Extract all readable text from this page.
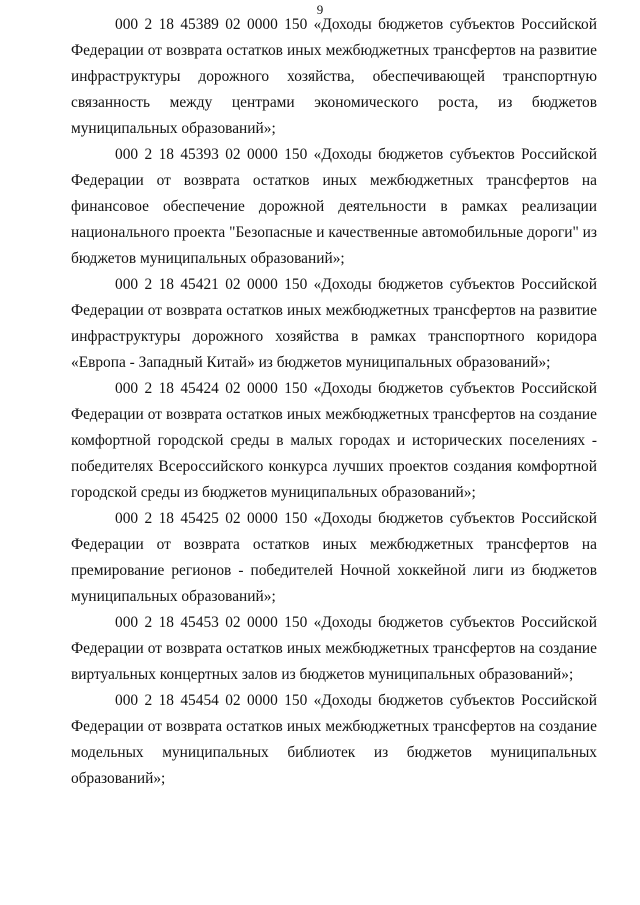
9

000 2 18 45389 02 0000 150 «Доходы бюджетов субъектов Российской Федерации от возврата остатков иных межбюджетных трансфертов на развитие инфраструктуры дорожного хозяйства, обеспечивающей транспортную связанность между центрами экономического роста, из бюджетов муниципальных образований»;

000 2 18 45393 02 0000 150 «Доходы бюджетов субъектов Российской Федерации от возврата остатков иных межбюджетных трансфертов на финансовое обеспечение дорожной деятельности в рамках реализации национального проекта "Безопасные и качественные автомобильные дороги" из бюджетов муниципальных образований»;

000 2 18 45421 02 0000 150 «Доходы бюджетов субъектов Российской Федерации от возврата остатков иных межбюджетных трансфертов на развитие инфраструктуры дорожного хозяйства в рамках транспортного коридора «Европа - Западный Китай» из бюджетов муниципальных образований»;

000 2 18 45424 02 0000 150 «Доходы бюджетов субъектов Российской Федерации от возврата остатков иных межбюджетных трансфертов на создание комфортной городской среды в малых городах и исторических поселениях - победителях Всероссийского конкурса лучших проектов создания комфортной городской среды из бюджетов муниципальных образований»;

000 2 18 45425 02 0000 150 «Доходы бюджетов субъектов Российской Федерации от возврата остатков иных межбюджетных трансфертов на премирование регионов - победителей Ночной хоккейной лиги из бюджетов муниципальных образований»;

000 2 18 45453 02 0000 150 «Доходы бюджетов субъектов Российской Федерации от возврата остатков иных межбюджетных трансфертов на создание виртуальных концертных залов из бюджетов муниципальных образований»;

000 2 18 45454 02 0000 150 «Доходы бюджетов субъектов Российской Федерации от возврата остатков иных межбюджетных трансфертов на создание модельных муниципальных библиотек из бюджетов муниципальных образований»;
